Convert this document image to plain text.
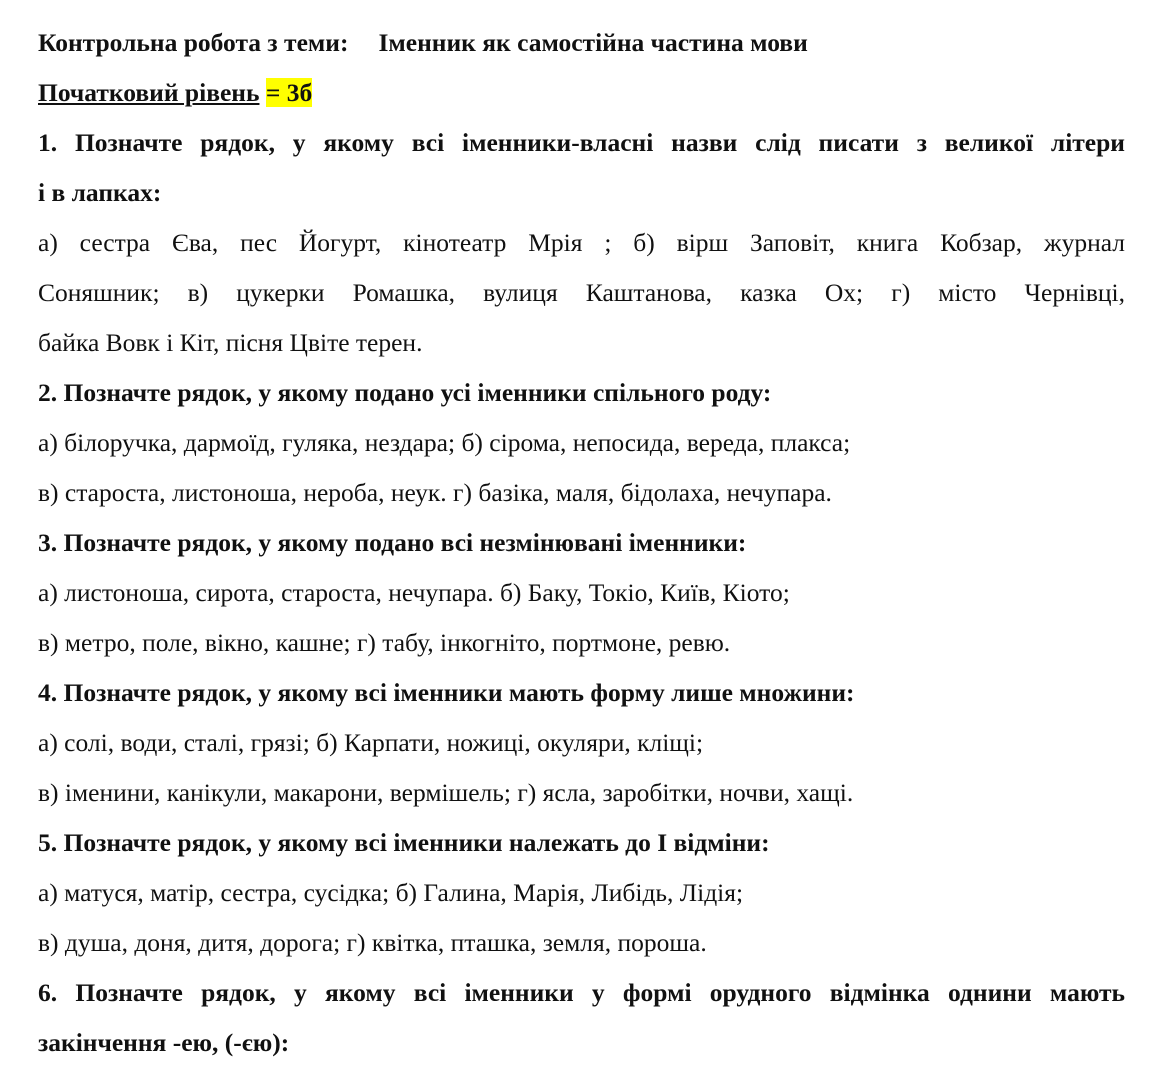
Контрольна робота з теми: Іменник як самостійна частина мови
Початковий рівень = 3б
1. Позначте рядок, у якому всі іменники-власні назви слід писати з великої літери
і в лапках:
а) сестра Єва, пес Йогурт, кінотеатр Мрія ; б) вірш Заповіт, книга Кобзар, журнал
Соняшник; в) цукерки Ромашка, вулиця Каштанова, казка Ох; г) місто Чернівці,
байка Вовк і Кіт, пісня Цвіте терен.
2. Позначте рядок, у якому подано усі іменники спільного роду:
а) білоручка, дармоїд, гуляка, нездара; б) сірома, непосида, вереда, плакса;
в) староста, листоноша, нероба, неук. г) базіка, маля, бідолаха, нечупара.
3. Позначте рядок, у якому подано всі незмінювані іменники:
а) листоноша, сирота, староста, нечупара. б) Баку, Токіо, Київ, Кіото;
в) метро, поле, вікно, кашне; г) табу, інкогніто, портмоне, ревю.
4. Позначте рядок, у якому всі іменники мають форму лише множини:
а) солі, води, сталі, грязі; б) Карпати, ножиці, окуляри, кліщі;
в) іменини, канікули, макарони, вермішель; г) ясла, заробітки, ночви, хащі.
5. Позначте рядок, у якому всі іменники належать до І відміни:
а) матуся, матір, сестра, сусідка; б) Галина, Марія, Либідь, Лідія;
в) душа, доня, дитя, дорога; г) квітка, пташка, земля, пороша.
6. Позначте рядок, у якому всі іменники у формі орудного відмінка однини мають
закінчення -ею, (-єю):
